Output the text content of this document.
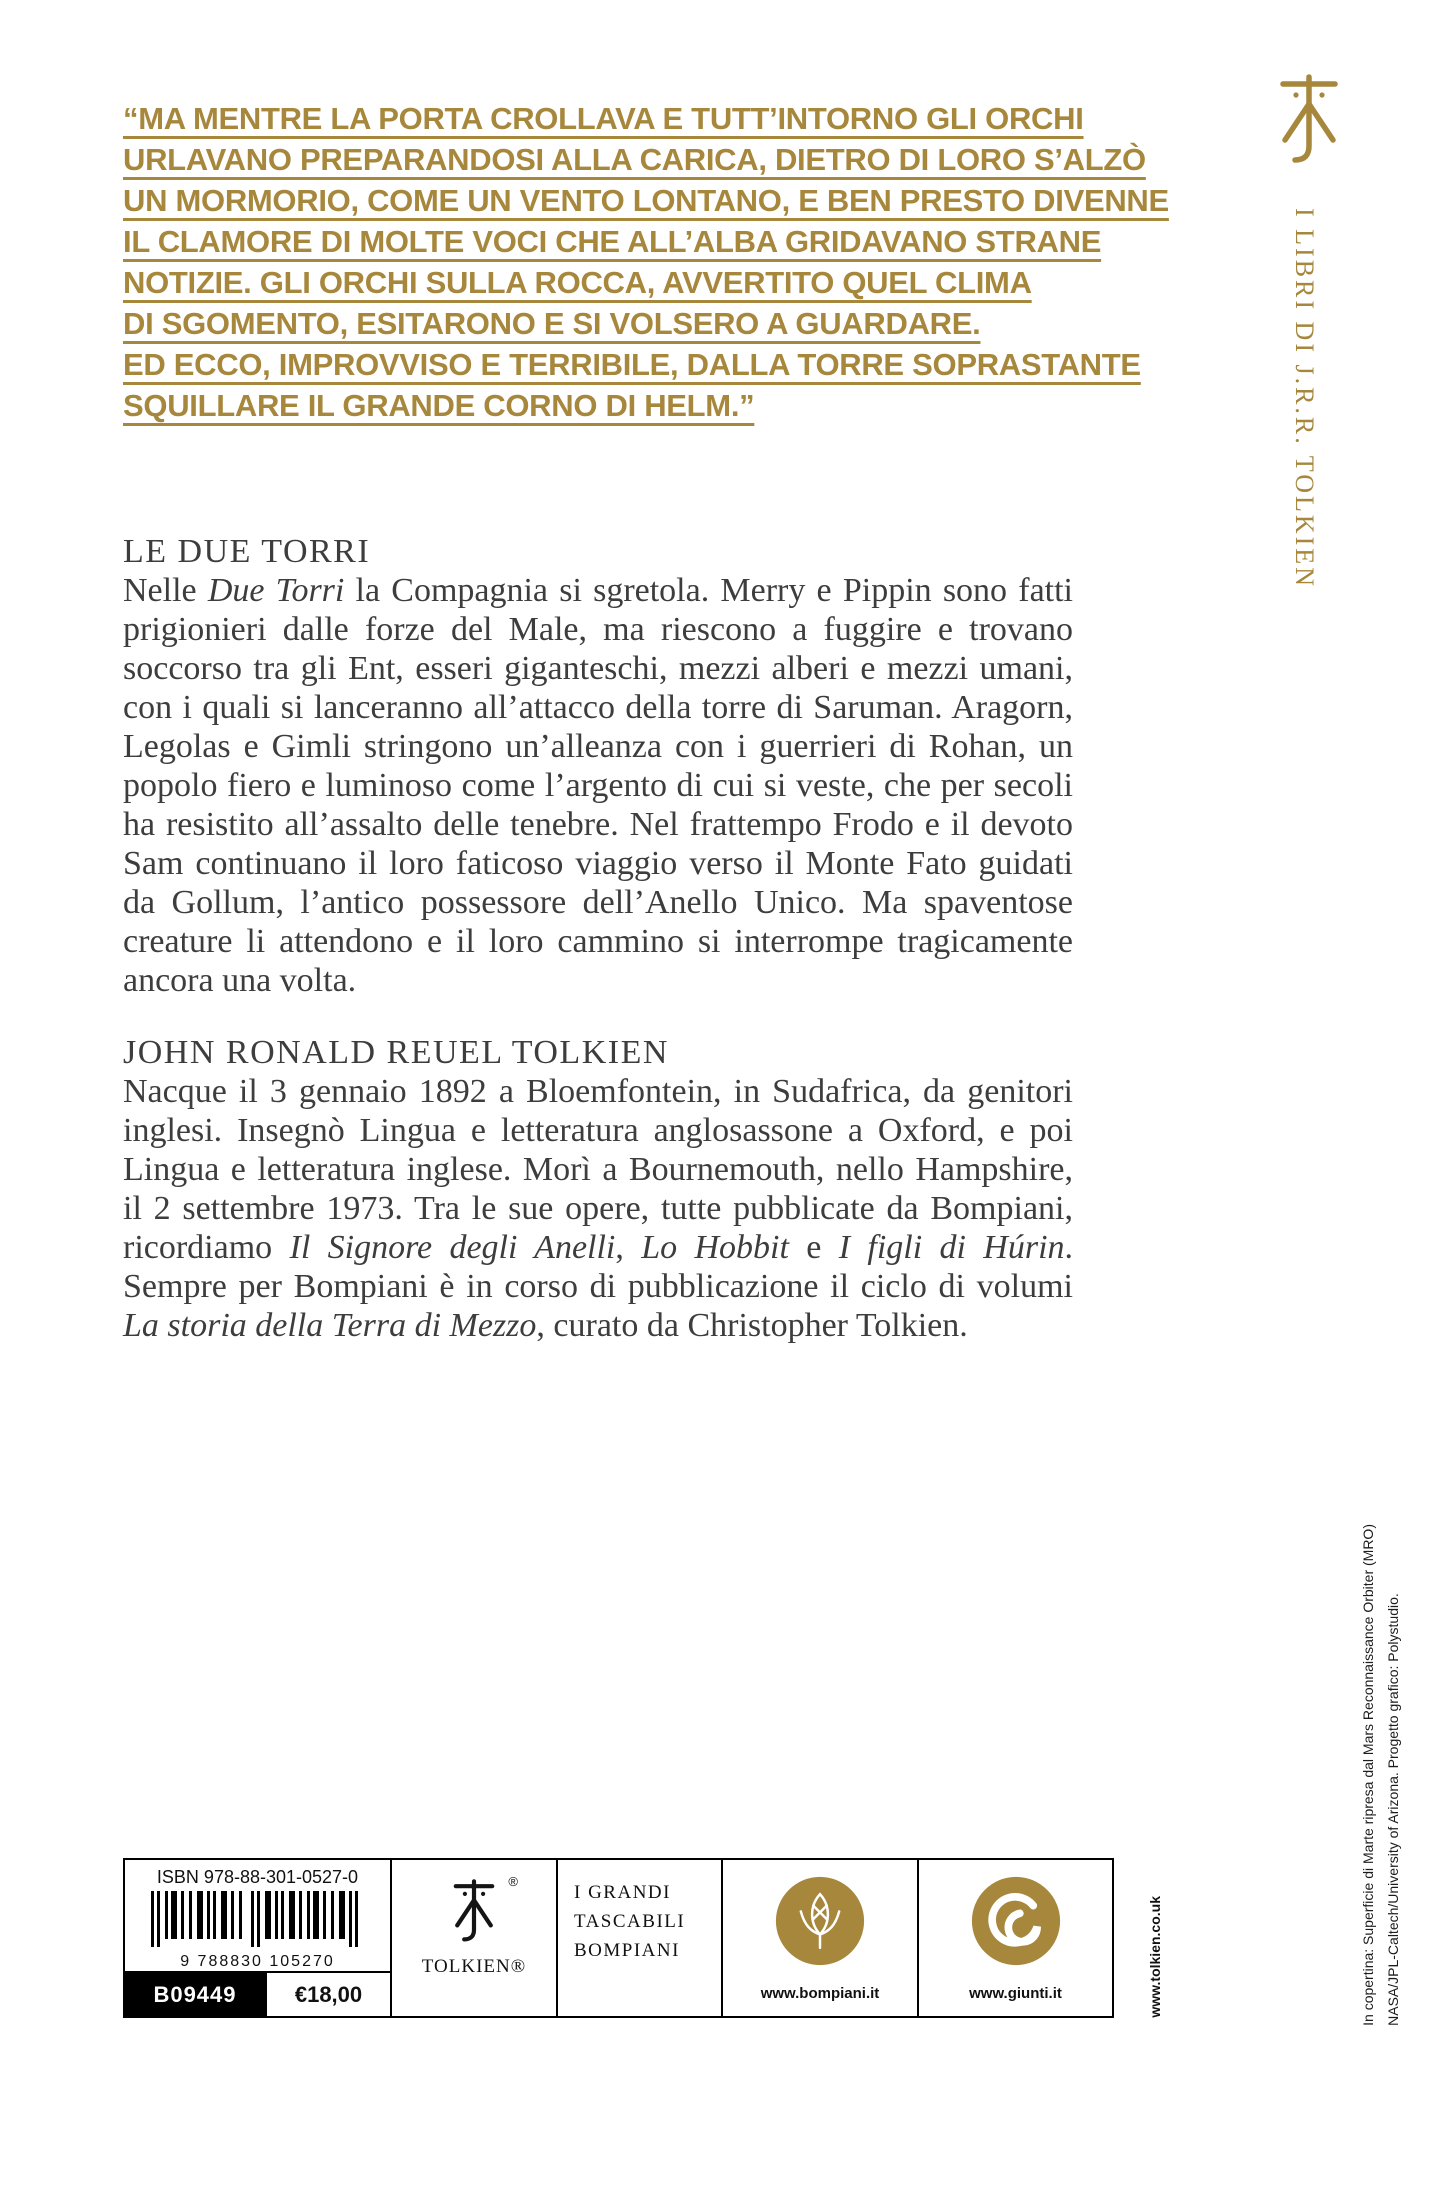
“MA MENTRE LA PORTA CROLLAVA E TUTT’INTORNO GLI ORCHI
URLAVANO PREPARANDOSI ALLA CARICA, DIETRO DI LORO S’ALZÒ
UN MORMORIO, COME UN VENTO LONTANO, E BEN PRESTO DIVENNE
IL CLAMORE DI MOLTE VOCI CHE ALL’ALBA GRIDAVANO STRANE
NOTIZIE. GLI ORCHI SULLA ROCCA, AVVERTITO QUEL CLIMA
DI SGOMENTO, ESITARONO E SI VOLSERO A GUARDARE.
ED ECCO, IMPROVVISO E TERRIBILE, DALLA TORRE SOPRASTANTE
SQUILLARE IL GRANDE CORNO DI HELM.”	I LIBRI DI J.R.R. TOLKIEN
LE DUE TORRI
Nelle Due Torri la Compagnia si sgretola. Merry e Pippin sono fatti prigionieri dalle forze del Male, ma riescono a fuggire e trovano soccorso tra gli Ent, esseri giganteschi, mezzi alberi e mezzi umani, con i quali si lanceranno all’attacco della torre di Saruman. Aragorn, Legolas e Gimli stringono un’alleanza con i guerrieri di Rohan, un popolo fiero e luminoso come l’argento di cui si veste, che per secoli ha resistito all’assalto delle tenebre. Nel frattempo Frodo e il devoto Sam continuano il loro faticoso viaggio verso il Monte Fato guidati da Gollum, l’antico possessore dell’Anello Unico. Ma spaventose creature li attendono e il loro cammino si interrompe tragicamente ancora una volta.
JOHN RONALD REUEL TOLKIEN
Nacque il 3 gennaio 1892 a Bloemfontein, in Sudafrica, da genitori inglesi. Insegnò Lingua e letteratura anglosassone a Oxford, e poi Lingua e letteratura inglese. Morì a Bournemouth, nello Hampshire, il 2 settembre 1973. Tra le sue opere, tutte pubblicate da Bompiani, ricordiamo Il Signore degli Anelli, Lo Hobbit e I figli di Húrin. Sempre per Bompiani è in corso di pubblicazione il ciclo di volumi La storia della Terra di Mezzo, curato da Christopher Tolkien.
ISBN 978-88-301-0527-0
9 788830 105270
B09449	€18,00
®
TOLKIEN®
I GRANDI
TASCABILI
BOMPIANI
www.bompiani.it	www.giunti.it	www.tolkien.co.uk	In copertina: Superficie di Marte ripresa dal Mars Reconnaissance Orbiter (MRO) NASA/JPL-Caltech/University of Arizona. Progetto grafico: Polystudio.
